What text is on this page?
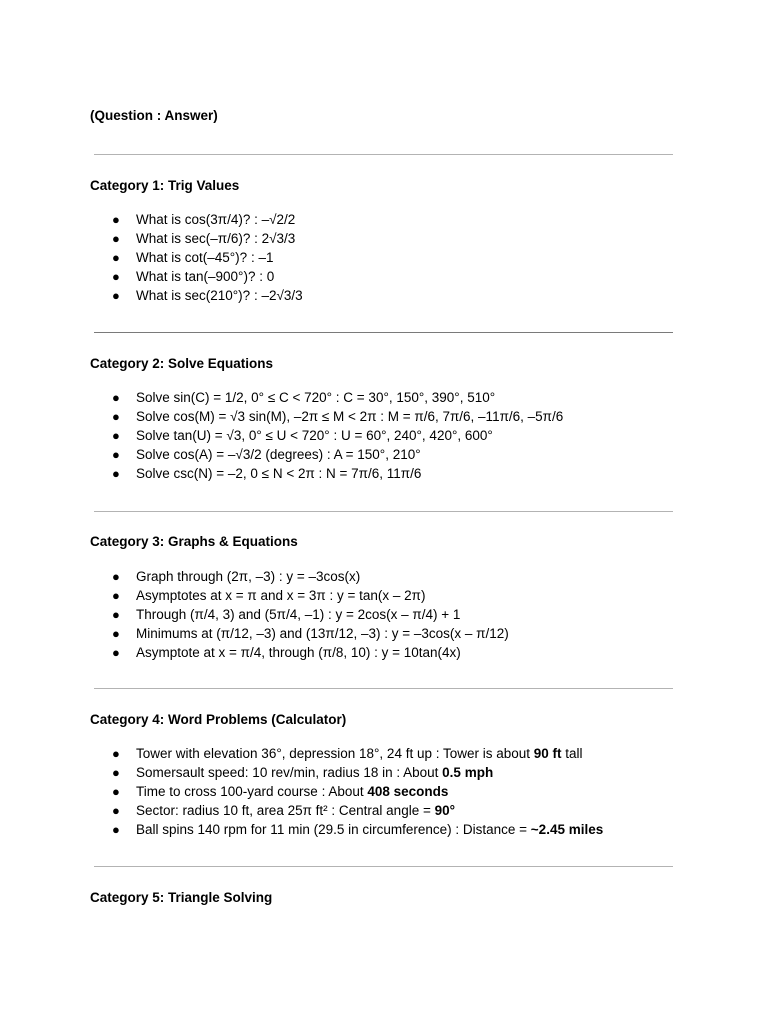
(Question : Answer)
Category 1: Trig Values
● What is cos(3π/4)? : –√2/2
● What is sec(–π/6)? : 2√3/3
● What is cot(–45°)? : –1
● What is tan(–900°)? : 0
● What is sec(210°)? : –2√3/3
Category 2: Solve Equations
● Solve sin(C) = 1/2, 0° ≤ C < 720° : C = 30°, 150°, 390°, 510°
● Solve cos(M) = √3 sin(M), –2π ≤ M < 2π : M = π/6, 7π/6, –11π/6, –5π/6
● Solve tan(U) = √3, 0° ≤ U < 720° : U = 60°, 240°, 420°, 600°
● Solve cos(A) = –√3/2 (degrees) : A = 150°, 210°
● Solve csc(N) = –2, 0 ≤ N < 2π : N = 7π/6, 11π/6
Category 3: Graphs & Equations
● Graph through (2π, –3) : y = –3cos(x)
● Asymptotes at x = π and x = 3π : y = tan(x – 2π)
● Through (π/4, 3) and (5π/4, –1) : y = 2cos(x – π/4) + 1
● Minimums at (π/12, –3) and (13π/12, –3) : y = –3cos(x – π/12)
● Asymptote at x = π/4, through (π/8, 10) : y = 10tan(4x)
Category 4: Word Problems (Calculator)
● Tower with elevation 36°, depression 18°, 24 ft up : Tower is about 90 ft tall
● Somersault speed: 10 rev/min, radius 18 in : About 0.5 mph
● Time to cross 100-yard course : About 408 seconds
● Sector: radius 10 ft, area 25π ft² : Central angle = 90°
● Ball spins 140 rpm for 11 min (29.5 in circumference) : Distance = ~2.45 miles
Category 5: Triangle Solving
